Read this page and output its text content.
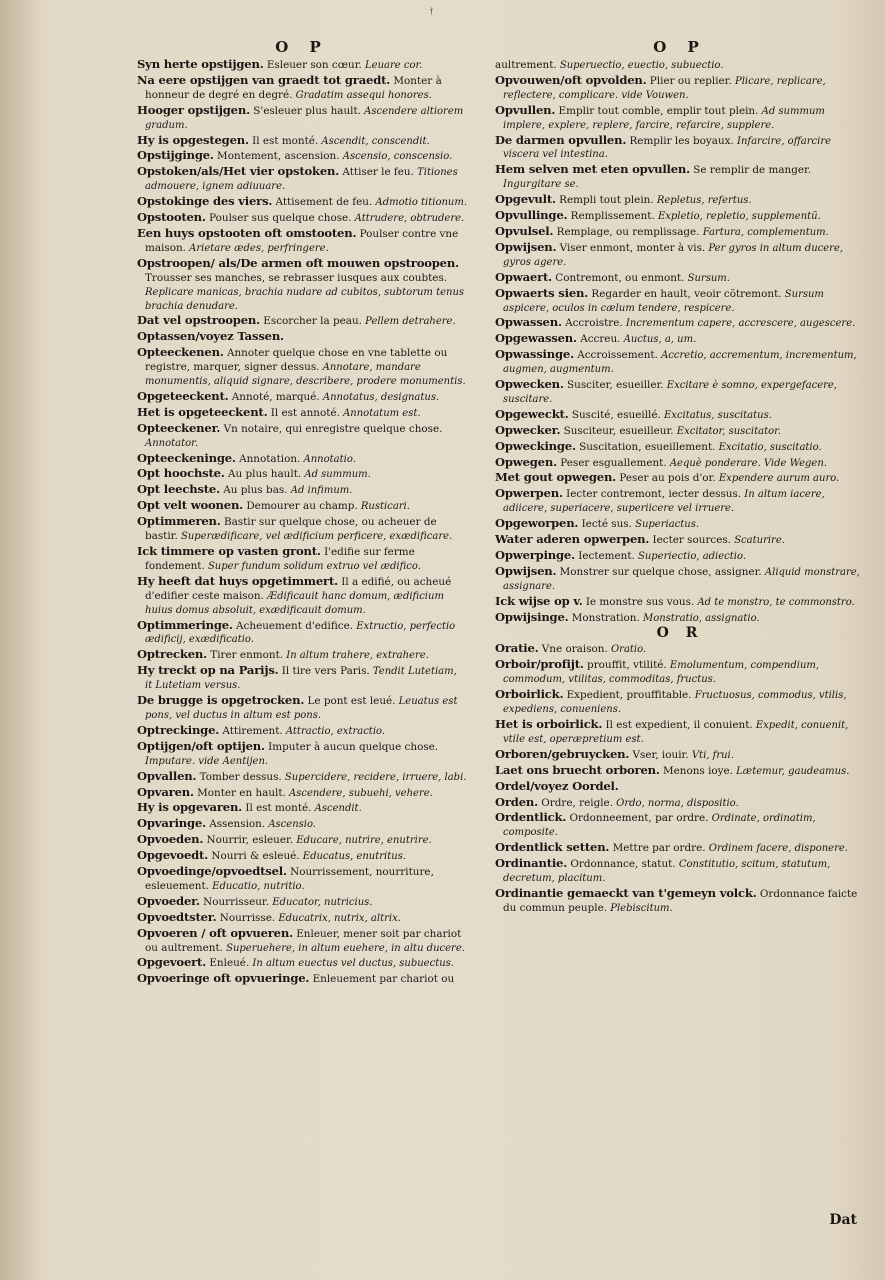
𝔣
O P
Syn herte opstijgen. Esleuer son cœur. Leuare cor.
Na eere opstijgen van graedt tot graedt. Monter à honneur de degré en degré. Gradatim assequi honores.
Hooger opstijgen. S'esleuer plus hault. Ascendere altiorem gradum.
Hy is opgestegen. Il est monté. Ascendit, conscendit.
Opstijginge. Montement, ascension. Ascensio, conscensio.
Opstoken/als/Het vier opstoken. Attiser le feu. Titiones admouere, ignem adiuuare.
Opstokinge des viers. Attisement de feu. Admotio titionum.
Opstooten. Poulser sus quelque chose. Attrudere, obtrudere.
Een huys opstooten oft omstooten. Poulser contre vne maison. Arietare ædes, perfringere.
Opstroopen/ als/De armen oft mouwen opstroopen. Trousser ses manches, se rebrasser iusques aux coubtes. Replicare manicas, brachia nudare ad cubitos, subtorum tenus brachia denudare.
Dat vel opstroopen. Escorcher la peau. Pellem detrahere.
Optassen/voyez Tassen.
Opteeckenen. Annoter quelque chose en vne tablette ou registre, marquer, signer dessus. Annotare, mandare monumentis, aliquid signare, describere, prodere monumentis.
Opgeteeckent. Annoté, marqué. Annotatus, designatus.
Het is opgeteeckent. Il est annoté. Annotatum est.
Opteeckener. Vn notaire, qui enregistre quelque chose. Annotator.
Opteeckeninge. Annotation. Annotatio.
Opt hoochste. Au plus hault. Ad summum.
Opt leechste. Au plus bas. Ad infimum.
Opt velt woonen. Demourer au champ. Rusticari.
Optimmeren. Bastir sur quelque chose, ou acheuer de bastir. Superædificare, vel ædificium perficere, exædificare.
Ick timmere op vasten gront. I'edifie sur ferme fondement. Super fundum solidum extruo vel ædifico.
Hy heeft dat huys opgetimmert. Il a edifié, ou acheué d'edifier ceste maison. Ædificauit hanc domum, ædificium huius domus absoluit, exædificauit domum.
Optimmeringe. Acheuement d'edifice. Extructio, perfectio ædificij, exædificatio.
Optrecken. Tirer enmont. In altum trahere, extrahere.
Hy treckt op na Parijs. Il tire vers Paris. Tendit Lutetiam, it Lutetiam versus.
De brugge is opgetrocken. Le pont est leué. Leuatus est pons, vel ductus in altum est pons.
Optreckinge. Attirement. Attractio, extractio.
Optijgen/oft optijen. Imputer à aucun quelque chose. Imputare. vide Aentijen.
Opvallen. Tomber dessus. Supercidere, recidere, irruere, labi.
Opvaren. Monter en hault. Ascendere, subuehi, vehere.
Hy is opgevaren. Il est monté. Ascendit.
Opvaringe. Assension. Ascensio.
Opvoeden. Nourrir, esleuer. Educare, nutrire, enutrire.
Opgevoedt. Nourri & esleué. Educatus, enutritus.
Opvoedinge/opvoedtsel. Nourrissement, nourriture, esleuement. Educatio, nutritio.
Opvoeder. Nourrisseur. Educator, nutricius.
Opvoedtster. Nourrisse. Educatrix, nutrix, altrix.
Opvoeren / oft opvueren. Enleuer, mener soit par chariot ou aultrement. Superuehere, in altum euehere, in altu ducere.
Opgevoert. Enleué. In altum euectus vel ductus, subuectus.
Opvoeringe oft opvueringe. Enleuement par chariot ou
O P
aultrement. Superuectio, euectio, subuectio.
Opvouwen/oft opvolden. Plier ou replier. Plicare, replicare, reflectere, complicare. vide Vouwen.
Opvullen. Emplir tout comble, emplir tout plein. Ad summum implere, explere, replere, farcire, refarcire, supplere.
De darmen opvullen. Remplir les boyaux. Infarcire, offarcire viscera vel intestina.
Hem selven met eten opvullen. Se remplir de manger. Ingurgitare se.
Opgevult. Rempli tout plein. Repletus, refertus.
Opvullinge. Remplissement. Expletio, repletio, supplementũ.
Opvulsel. Remplage, ou remplissage. Fartura, complementum.
Opwijsen. Viser enmont, monter à vis. Per gyros in altum ducere, gyros agere.
Opwaert. Contremont, ou enmont. Sursum.
Opwaerts sien. Regarder en hault, veoir cõtremont. Sursum aspicere, oculos in cælum tendere, respicere.
Opwassen. Accroistre. Incrementum capere, accrescere, augescere.
Opgewassen. Accreu. Auctus, a, um.
Opwassinge. Accroissement. Accretio, accrementum, incrementum, augmen, augmentum.
Opwecken. Susciter, esueiller. Excitare è somno, expergefacere, suscitare.
Opgeweckt. Suscité, esueillé. Excitatus, suscitatus.
Opwecker. Susciteur, esueilleur. Excitator, suscitator.
Opweckinge. Suscitation, esueillement. Excitatio, suscitatio.
Opwegen. Peser esguallement. Aequè ponderare. Vide Wegen.
Met gout opwegen. Peser au pois d'or. Expendere aurum auro.
Opwerpen. Iecter contremont, iecter dessus. In altum iacere, adiicere, superiacere, superiicere vel irruere.
Opgeworpen. Iecté sus. Superiactus.
Water aderen opwerpen. Iecter sources. Scaturire.
Opwerpinge. Iectement. Superiectio, adiectio.
Opwijsen. Monstrer sur quelque chose, assigner. Aliquid monstrare, assignare.
Ick wijse op v. Ie monstre sus vous. Ad te monstro, te commonstro.
Opwijsinge. Monstration. Monstratio, assignatio.
O R
Oratie. Vne oraison. Oratio.
Orboir/profijt. prouffit, vtilité. Emolumentum, compendium, commodum, vtilitas, commoditas, fructus.
Orboirlick. Expedient, prouffitable. Fructuosus, commodus, vtilis, expediens, conueniens.
Het is orboirlick. Il est expedient, il conuient. Expedit, conuenit, vtile est, operæpretium est.
Orboren/gebruycken. Vser, iouir. Vti, frui.
Laet ons bruecht orboren. Menons ioye. Lætemur, gaudeamus.
Ordel/voyez Oordel.
Orden. Ordre, reigle. Ordo, norma, dispositio.
Ordentlick. Ordonneement, par ordre. Ordinate, ordinatim, composite.
Ordentlick setten. Mettre par ordre. Ordinem facere, disponere.
Ordinantie. Ordonnance, statut. Constitutio, scitum, statutum, decretum, placitum.
Ordinantie gemaeckt van t'gemeyn volck. Ordonnance faicte du commun peuple. Plebiscitum.
Dat
